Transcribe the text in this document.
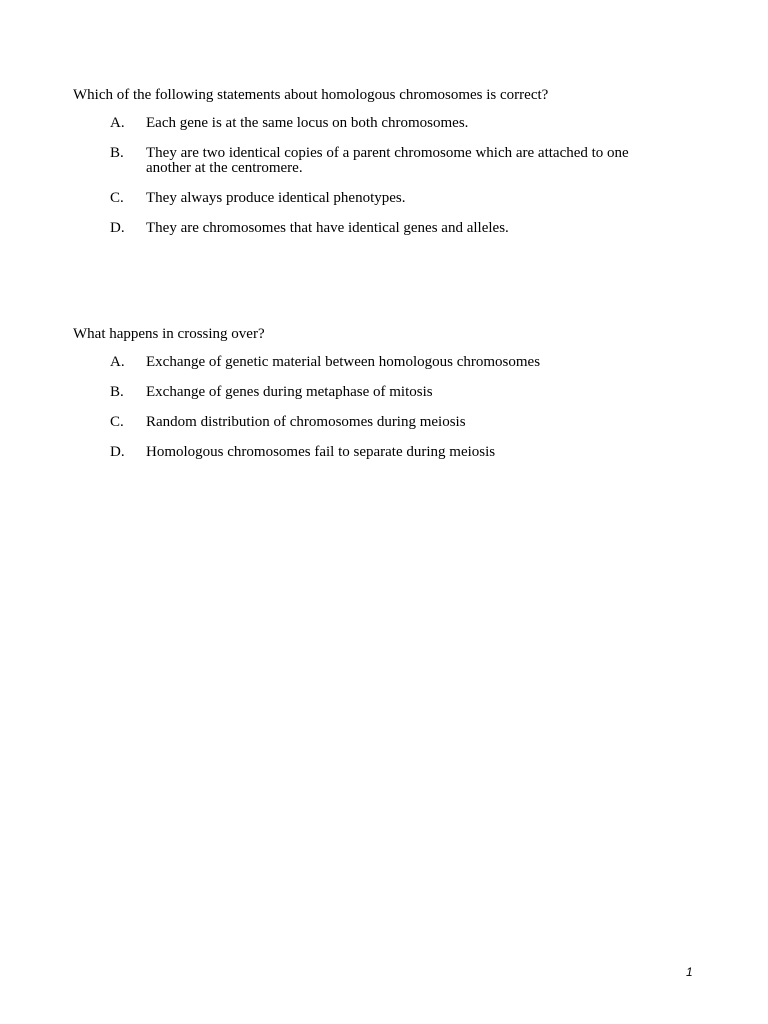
Which of the following statements about homologous chromosomes is correct?
A.	Each gene is at the same locus on both chromosomes.
B.	They are two identical copies of a parent chromosome which are attached to one another at the centromere.
C.	They always produce identical phenotypes.
D.	They are chromosomes that have identical genes and alleles.
What happens in crossing over?
A.	Exchange of genetic material between homologous chromosomes
B.	Exchange of genes during metaphase of mitosis
C.	Random distribution of chromosomes during meiosis
D.	Homologous chromosomes fail to separate during meiosis
1
